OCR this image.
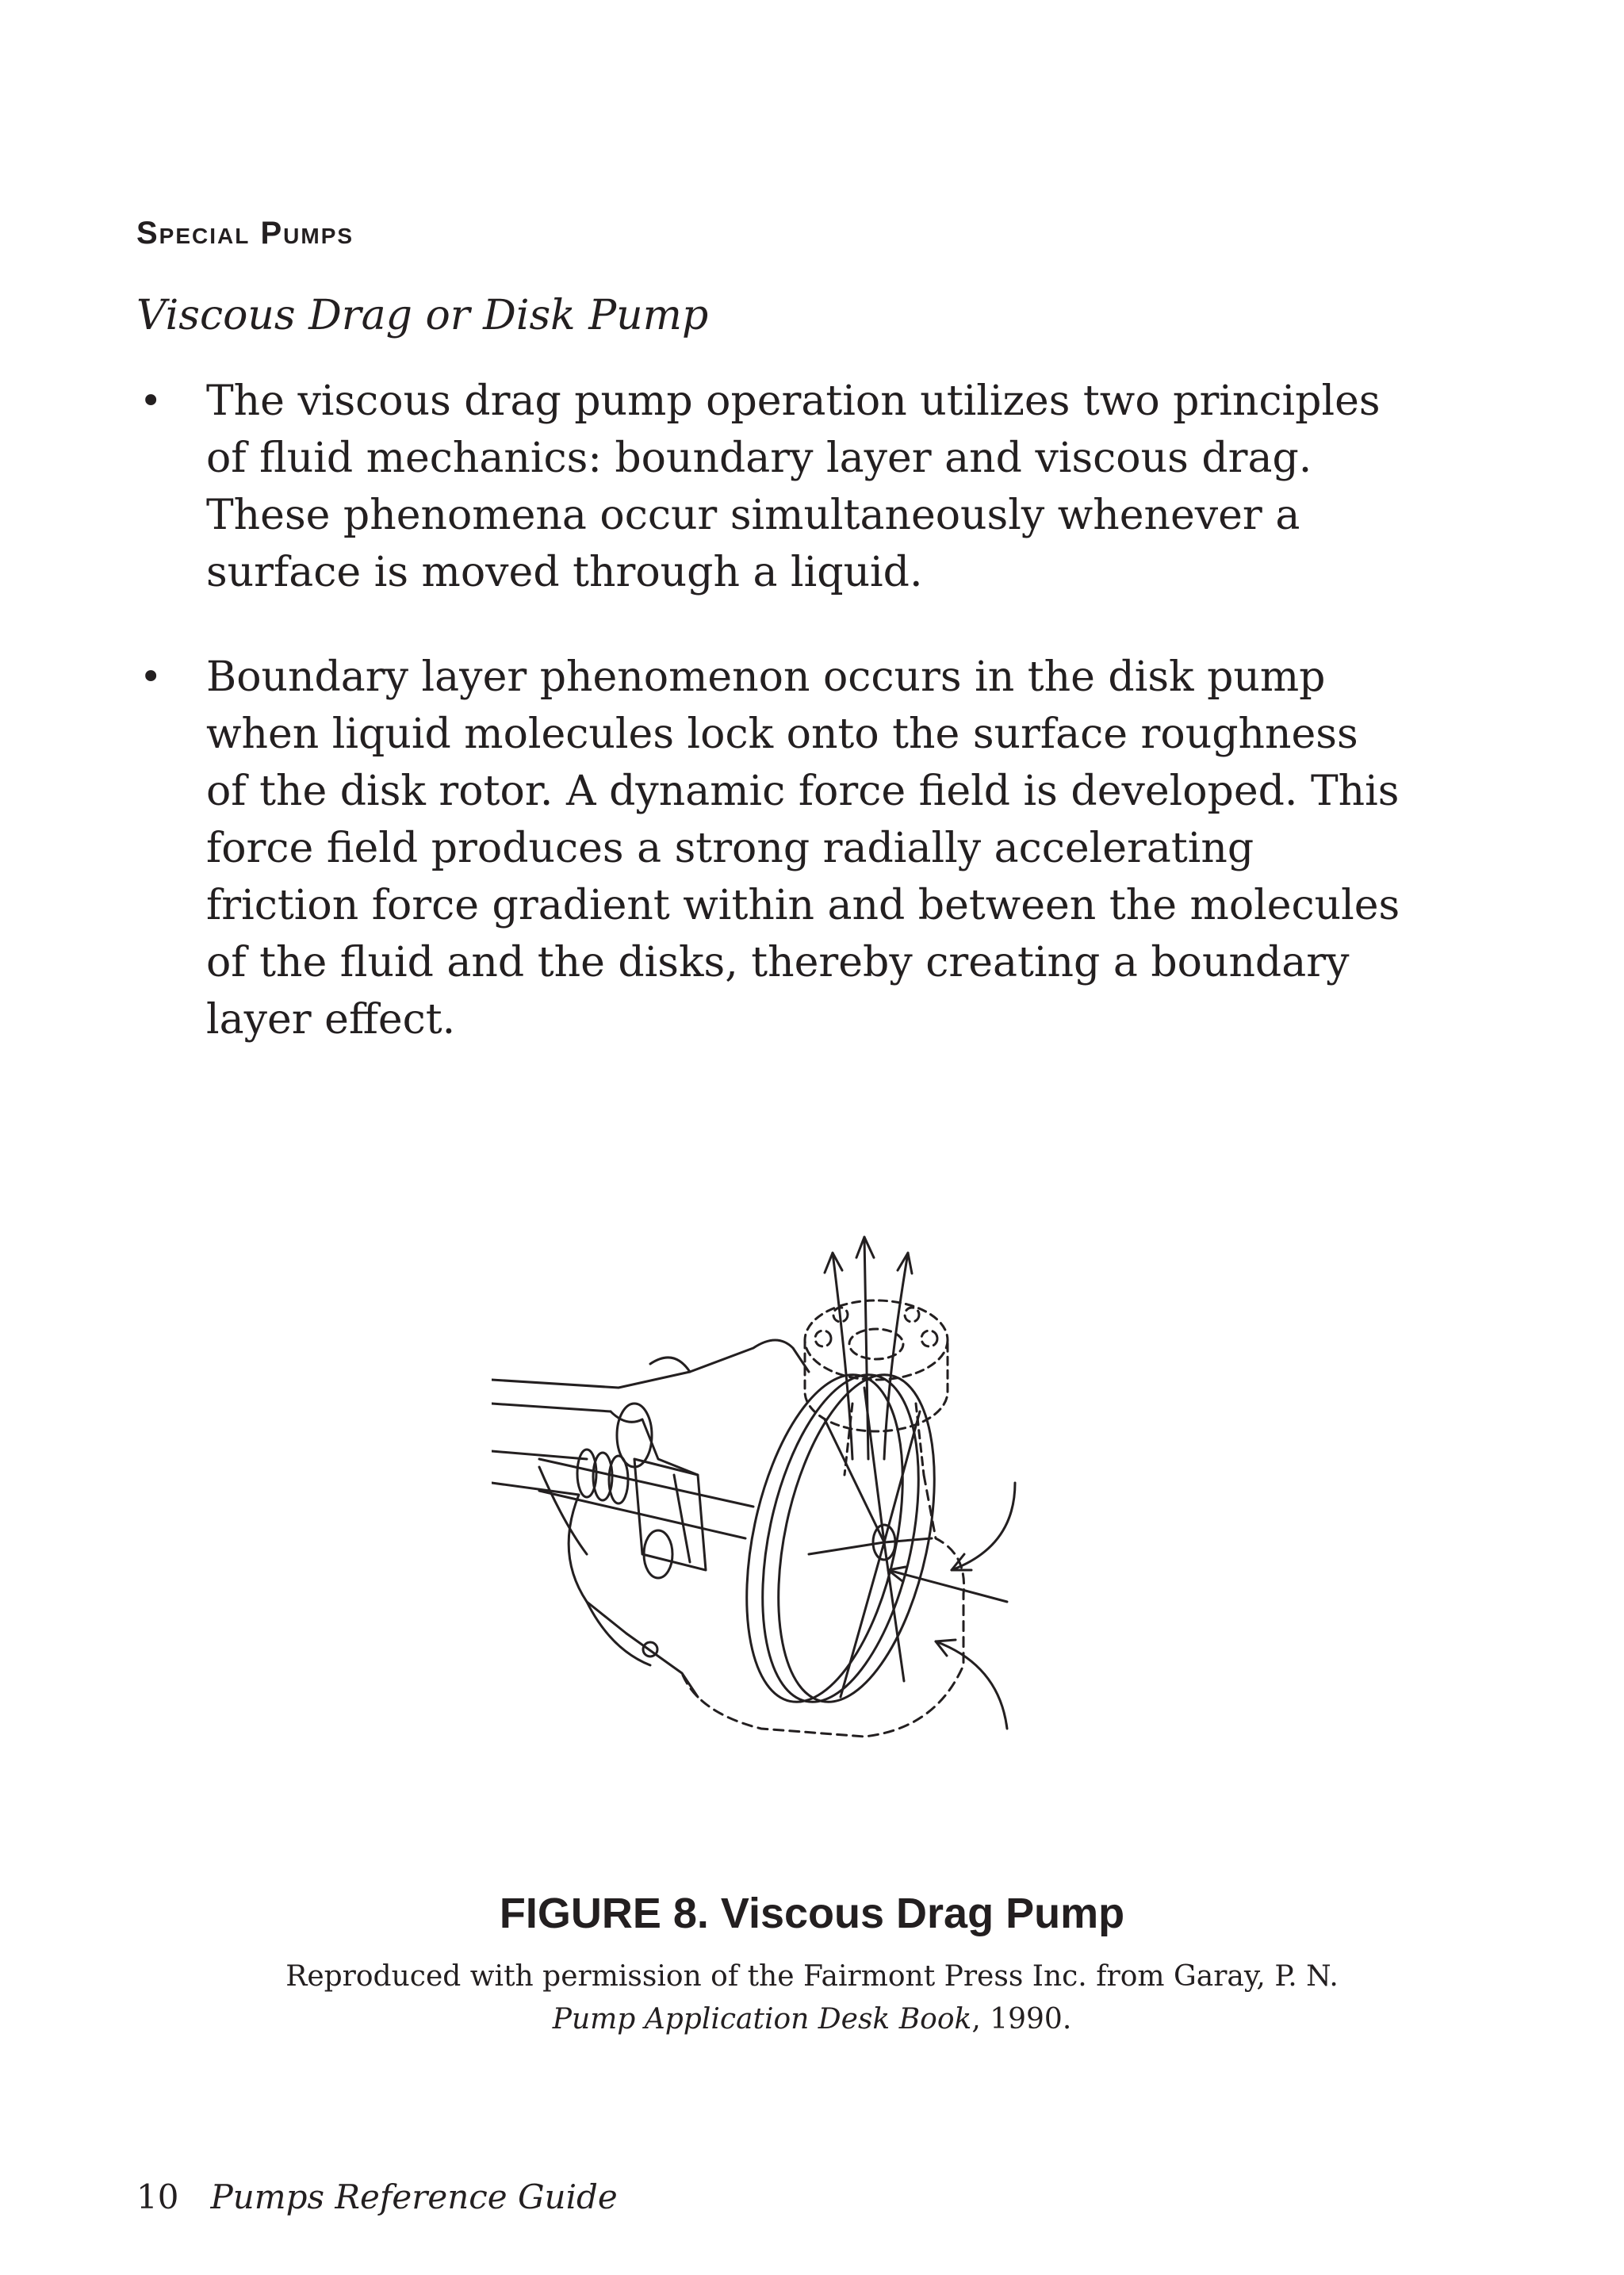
Special Pumps
Viscous Drag or Disk Pump
• The viscous drag pump operation utilizes two principles of fluid mechanics: boundary layer and viscous drag. These phenomena occur simultaneously whenever a surface is moved through a liquid.
• Boundary layer phenomenon occurs in the disk pump when liquid molecules lock onto the surface roughness of the disk rotor. A dynamic force field is developed. This force field produces a strong radially accelerating friction force gradient within and between the molecules of the fluid and the disks, thereby creating a boundary layer effect.

FIGURE 8. Viscous Drag Pump

Reproduced with permission of the Fairmont Press Inc. from Garay, P. N.
Pump Application Desk Book, 1990.

10 Pumps Reference Guide
